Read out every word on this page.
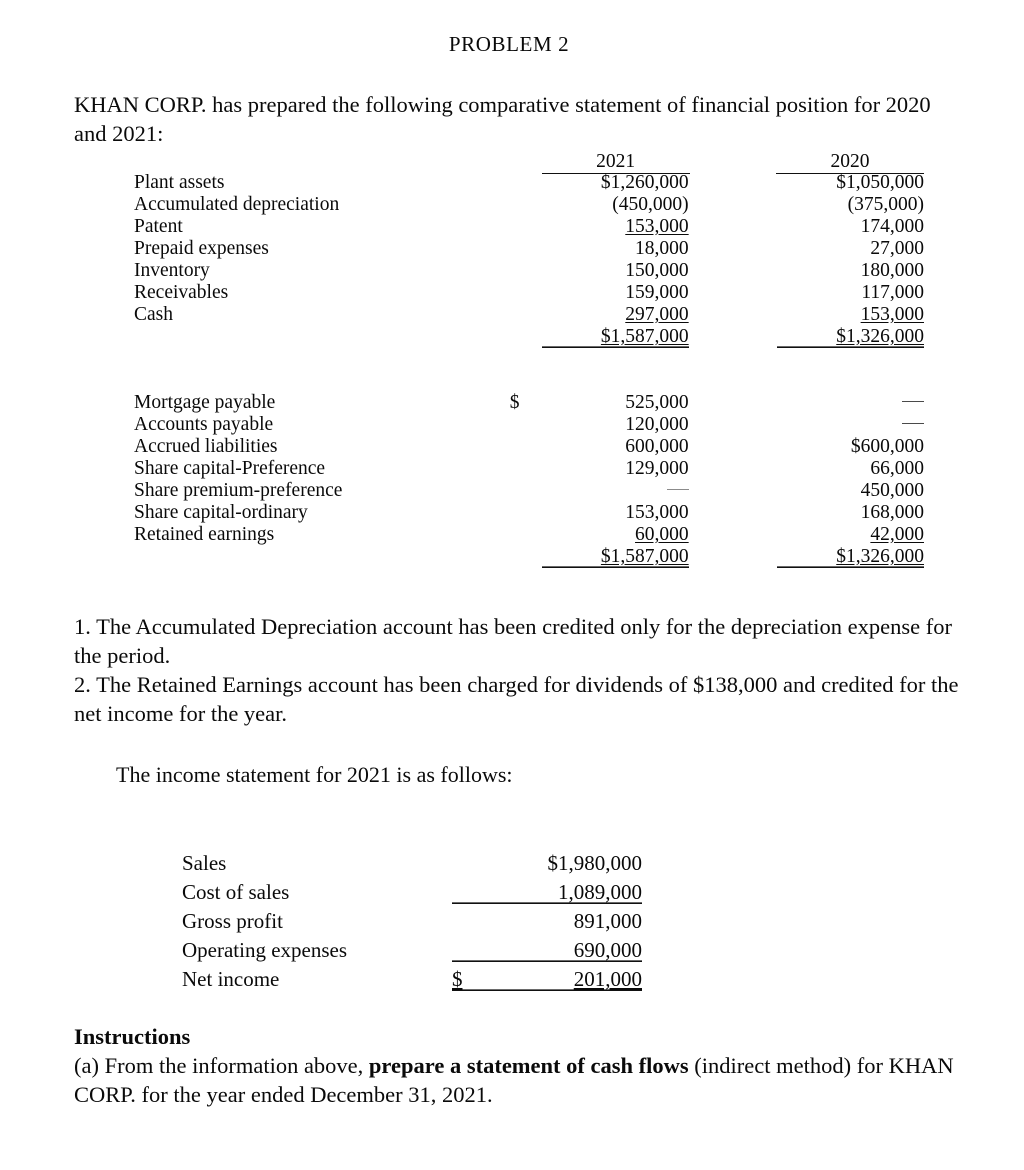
PROBLEM 2
KHAN CORP. has prepared the following comparative statement of financial position for 2020 and 2021:
		2021			2020
Plant assets		$1,260,000			$1,050,000
Accumulated depreciation		(450,000)			(375,000)
Patent		153,000			174,000
Prepaid expenses		18,000			27,000
Inventory		150,000			180,000
Receivables		159,000			117,000
Cash		297,000			153,000
		$1,587,000			$1,326,000
Mortgage payable	$	525,000			
Accounts payable		120,000			
Accrued liabilities		600,000			$600,000
Share capital-Preference		129,000			66,000
Share premium-preference					450,000
Share capital-ordinary		153,000			168,000
Retained earnings		60,000			42,000
		$1,587,000			$1,326,000
1. The Accumulated Depreciation account has been credited only for the depreciation expense for the period.
2. The Retained Earnings account has been charged for dividends of $138,000 and credited for the net income for the year.
The income statement for 2021 is as follows:
Sales		$1,980,000
Cost of sales		1,089,000
Gross profit		891,000
Operating expenses		690,000
Net income	$	201,000
Instructions
(a) From the information above, prepare a statement of cash flows (indirect method) for KHAN CORP. for the year ended December 31, 2021.
